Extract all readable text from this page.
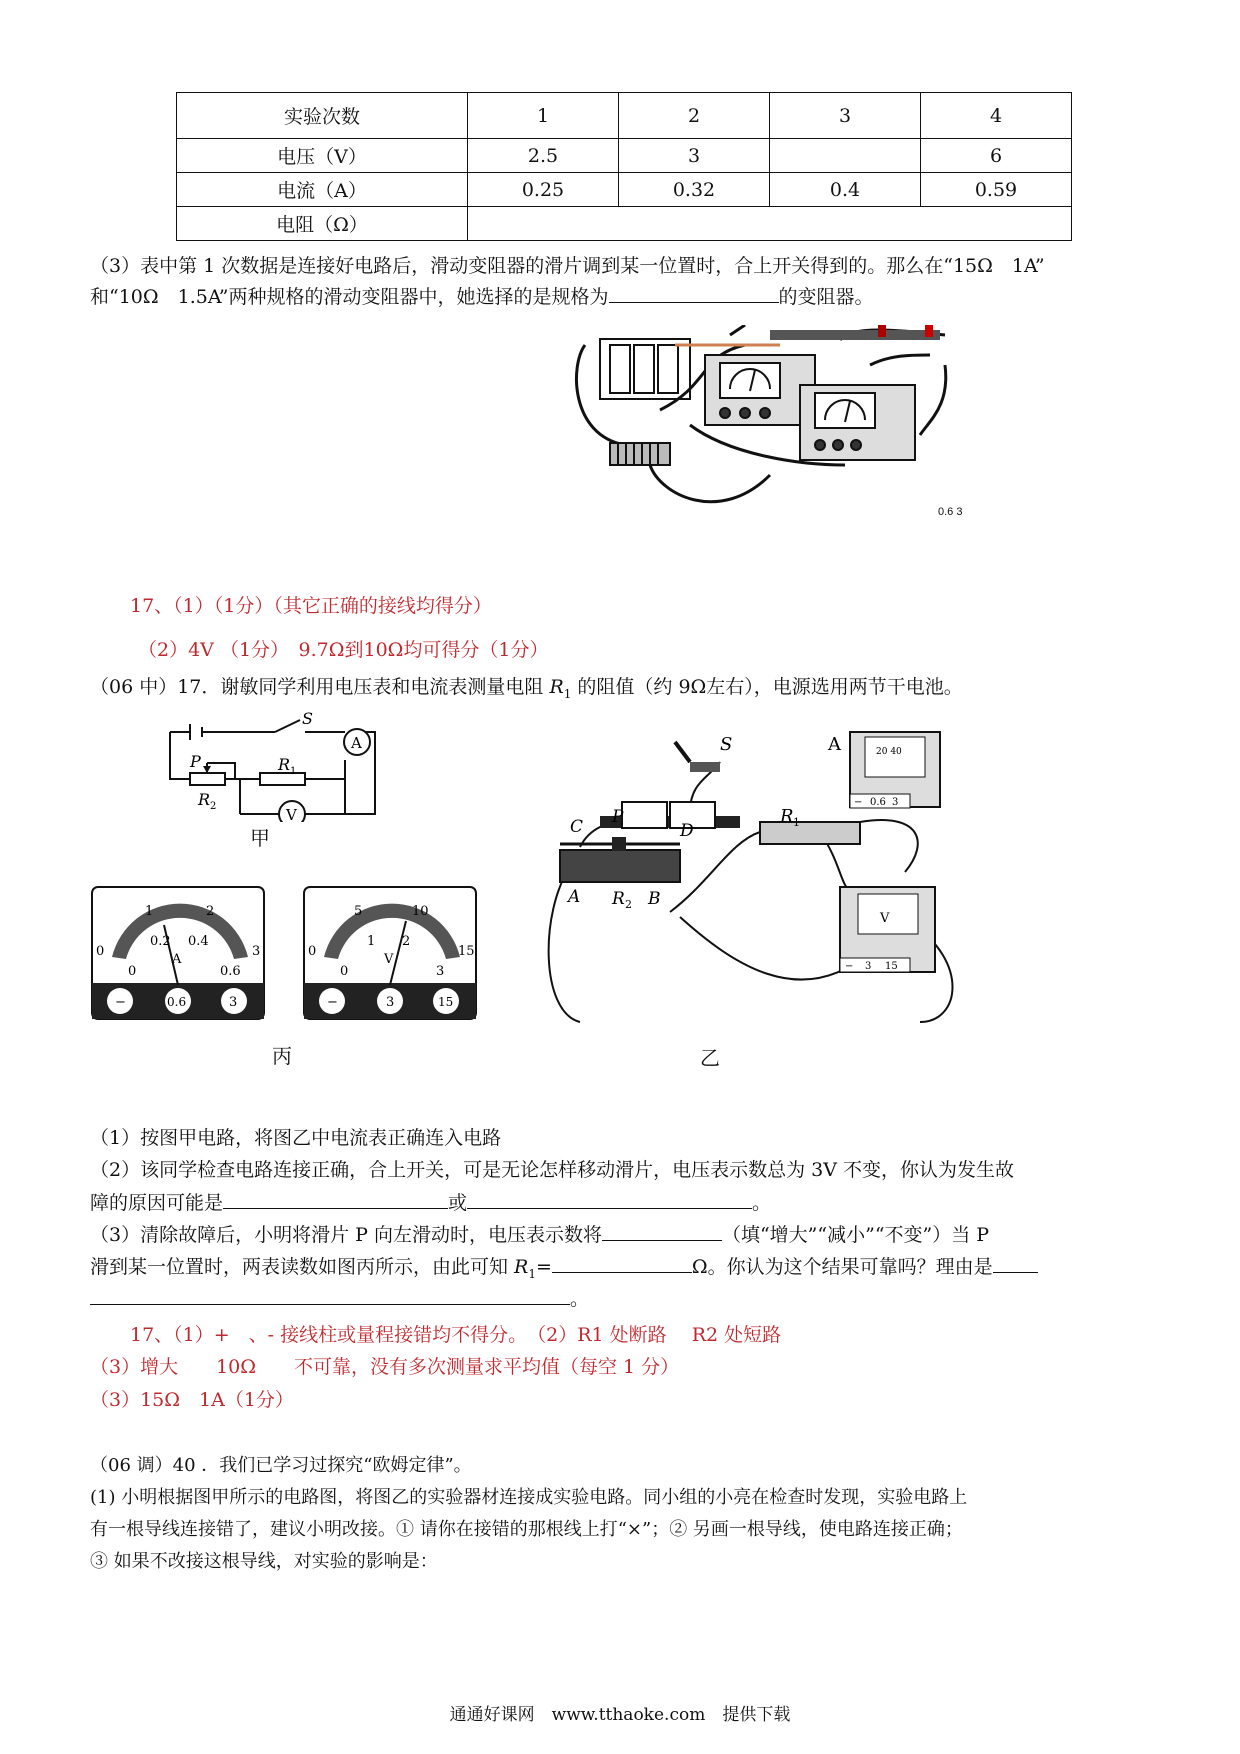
实验次数	1	2	3	4
电压（V）	2.5	3		6
电流（A）	0.25	0.32	0.4	0.59
电阻（Ω）				
（3）表中第 1 次数据是连接好电路后，滑动变阻器的滑片调到某一位置时，合上开关得到的。那么在“15Ω　1A”
和“10Ω　1.5A”两种规格的滑动变阻器中，她选择的是规格为	的变阻器。
0.6 3
17、（1）（1分）（其它正确的接线均得分）
（2）4V （1分）　9.7Ω到10Ω均可得分（1分）
（06 中）17．谢敏同学利用电压表和电流表测量电阻 $R_1$ 的阻值（约 9Ω左右），电源选用两节干电池。
S
P	R 1
R 2
A
V
甲
1	2
0.2 0.4
0	0.6
3
0
A
−	0.6	3
5	10
1 2
0	3
15
0
V
−	3	15
丙
S
R 1
20 40
− 0.6 3
A
C P
D
A R 2 B
V
− 3 15
乙
（1）按图甲电路，将图乙中电流表正确连入电路
（2）该同学检查电路连接正确，合上开关，可是无论怎样移动滑片，电压表示数总为 3V 不变，你认为发生故
障的原因可能是	或	。
（3）清除故障后，小明将滑片 P 向左滑动时，电压表示数将	（填“增大”“减小”“不变”）当 P
滑到某一位置时，两表读数如图丙所示，由此可知 $R_1=$	Ω。你认为这个结果可靠吗？理由是
。
17、（1）+　、- 接线柱或量程接错均不得分。　（2）R1 处断路　 R2 处短路
（3）增大　　10Ω　　不可靠，没有多次测量求平均值（每空 1 分）
（3）15Ω　1A（1分）
（06 调）40 ．我们已学习过探究“欧姆定律”。
(1) 小明根据图甲所示的电路图，将图乙的实验器材连接成实验电路。同小组的小亮在检查时发现，实验电路上
有一根导线连接错了，建议小明改接。① 请你在接错的那根线上打“×”；② 另画一根导线，使电路连接正确；
③ 如果不改接这根导线，对实验的影响是：
通通好课网　www.tthaoke.com　提供下载
